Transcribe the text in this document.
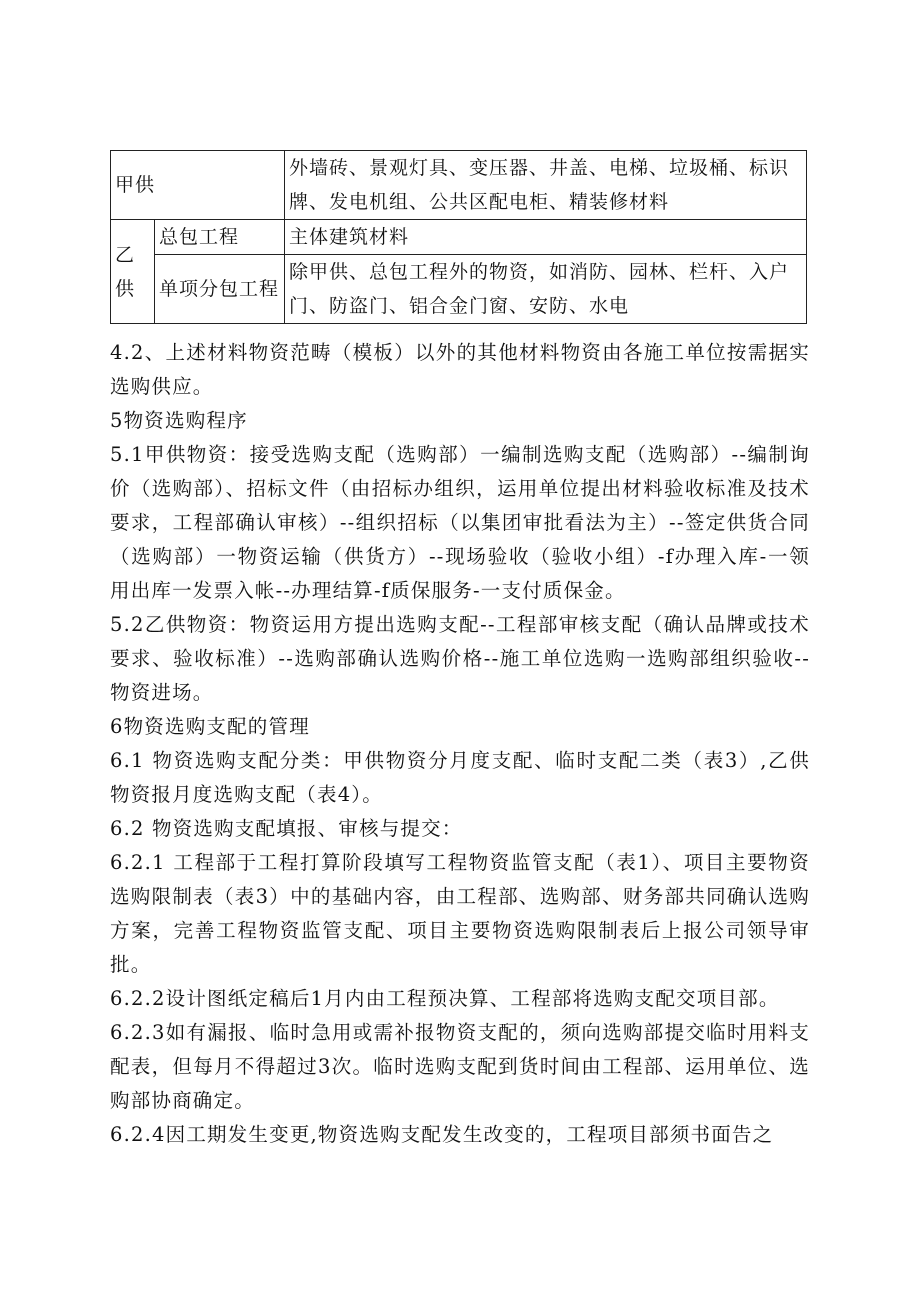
甲供		外墙砖、景观灯具、变压器、井盖、电梯、垃圾桶、标识牌、发电机组、公共区配电柜、精装修材料
乙供	总包工程	主体建筑材料
	单项分包工程	除甲供、总包工程外的物资，如消防、园林、栏杆、入户门、防盗门、铝合金门窗、安防、水电

4.2、上述材料物资范畴（模板）以外的其他材料物资由各施工单位按需据实选购供应。

5物资选购程序

5.1甲供物资：接受选购支配（选购部）一编制选购支配（选购部）--编制询价（选购部）、招标文件（由招标办组织，运用单位提出材料验收标准及技术要求，工程部确认审核）--组织招标（以集团审批看法为主）--签定供货合同（选购部）一物资运输（供货方）--现场验收（验收小组）-f办理入库-一领用出库一发票入帐--办理结算-f质保服务-一支付质保金。

5.2乙供物资：物资运用方提出选购支配--工程部审核支配（确认品牌或技术要求、验收标准）--选购部确认选购价格--施工单位选购一选购部组织验收--物资进场。

6物资选购支配的管理

6.1 物资选购支配分类：甲供物资分月度支配、临时支配二类（表3）,乙供物资报月度选购支配（表4）。

6.2 物资选购支配填报、审核与提交：

6.2.1 工程部于工程打算阶段填写工程物资监管支配（表1）、项目主要物资选购限制表（表3）中的基础内容，由工程部、选购部、财务部共同确认选购方案，完善工程物资监管支配、项目主要物资选购限制表后上报公司领导审批。

6.2.2设计图纸定稿后1月内由工程预决算、工程部将选购支配交项目部。

6.2.3如有漏报、临时急用或需补报物资支配的，须向选购部提交临时用料支配表，但每月不得超过3次。临时选购支配到货时间由工程部、运用单位、选购部协商确定。

6.2.4因工期发生变更,物资选购支配发生改变的，工程项目部须书面告之
